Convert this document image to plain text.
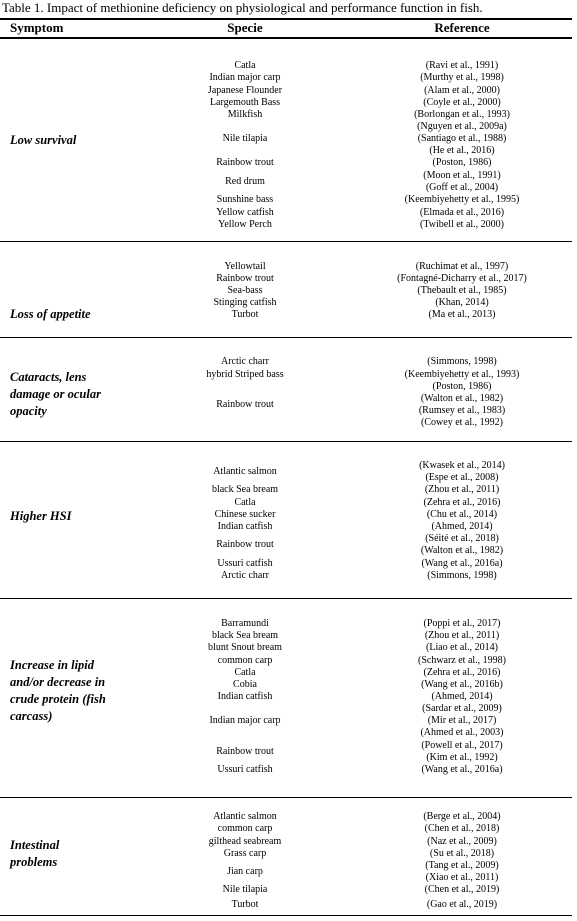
Table 1. Impact of methionine deficiency on physiological and performance function in fish.
Symptom	Specie	Reference
Low survival
Catla
Indian major carp
Japanese Flounder
Largemouth Bass
Milkfish
Nile tilapia
Rainbow trout
Red drum
Sunshine bass
Yellow catfish
Yellow Perch
(Ravi et al., 1991)
(Murthy et al., 1998)
(Alam et al., 2000)
(Coyle et al., 2000)
(Borlongan et al., 1993)
(Nguyen et al., 2009a)
(Santiago et al., 1988)
(He et al., 2016)
(Poston, 1986)
(Moon et al., 1991)
(Goff et al., 2004)
(Keembiyehetty et al., 1995)
(Elmada et al., 2016)
(Twibell et al., 2000)
Loss of appetite
Yellowtail
Rainbow trout
Sea-bass
Stinging catfish
Turbot
(Ruchimat et al., 1997)
(Fontagné-Dicharry et al., 2017)
(Thebault et al., 1985)
(Khan, 2014)
(Ma et al., 2013)
Cataracts, lens
damage or ocular
opacity
Arctic charr
hybrid Striped bass
Rainbow trout
(Simmons, 1998)
(Keembiyehetty et al., 1993)
(Poston, 1986)
(Walton et al., 1982)
(Rumsey et al., 1983)
(Cowey et al., 1992)
Higher HSI
Atlantic salmon
black Sea bream
Catla
Chinese sucker
Indian catfish
Rainbow trout
Ussuri catfish
Arctic charr
(Kwasek et al., 2014)
(Espe et al., 2008)
(Zhou et al., 2011)
(Zehra et al., 2016)
(Chu et al., 2014)
(Ahmed, 2014)
(Séité et al., 2018)
(Walton et al., 1982)
(Wang et al., 2016a)
(Simmons, 1998)
Increase in lipid
and/or decrease in
crude protein (fish
carcass)
Barramundi
black Sea bream
blunt Snout bream
common carp
Catla
Cobia
Indian catfish
Indian major carp
Rainbow trout
Ussuri catfish
(Poppi et al., 2017)
(Zhou et al., 2011)
(Liao et al., 2014)
(Schwarz et al., 1998)
(Zehra et al., 2016)
(Wang et al., 2016b)
(Ahmed, 2014)
(Sardar et al., 2009)
(Mir et al., 2017)
(Ahmed et al., 2003)
(Powell et al., 2017)
(Kim et al., 1992)
(Wang et al., 2016a)
Intestinal
problems
Atlantic salmon
common carp
gilthead seabream
Grass carp
Jian carp
Nile tilapia
Turbot
(Berge et al., 2004)
(Chen et al., 2018)
(Naz et al., 2009)
(Su et al., 2018)
(Tang et al., 2009)
(Xiao et al., 2011)
(Chen et al., 2019)
(Gao et al., 2019)
